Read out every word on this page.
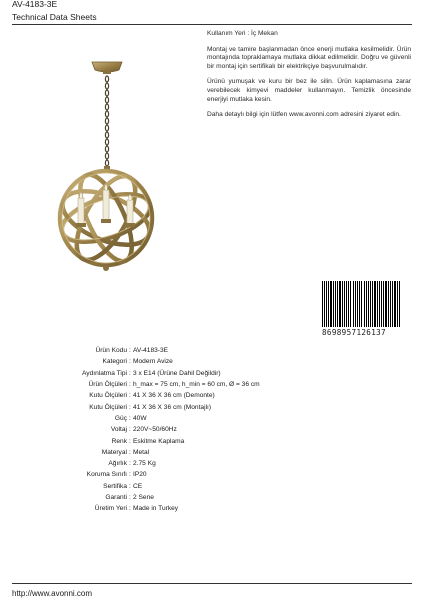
AV-4183-3E
Technical Data Sheets

Kullanım Yeri : İç Mekan

Montaj ve tamire başlanmadan önce enerji mutlaka kesilmelidir. Ürün montajında topraklamaya mutlaka dikkat edilmelidir. Doğru ve güvenli bir montaj için sertifikalı bir elektrikçiye başvurulmalıdır.

Ürünü yumuşak ve kuru bir bez ile silin. Ürün kaplamasına zarar verebilecek kimyevi maddeler kullanmayın. Temizlik öncesinde enerjiyi mutlaka kesin.

Daha detaylı bilgi için lütfen www.avonni.com adresini ziyaret edin.

8698957126137
Ürün Kodu : AV-4183-3E
Kategori : Modern Avize
Aydınlatma Tipi : 3 x E14 (Ürüne Dahil Değildir)
Ürün Ölçüleri : h_max = 75 cm, h_min = 60 cm, Ø = 36 cm
Kutu Ölçüleri : 41 X 36 X 36 cm (Demonte)
Kutu Ölçüleri : 41 X 36 X 36 cm (Montajlı)
Güç : 40W
Voltaj : 220V~50/60Hz
Renk : Eskitme Kaplama
Materyal : Metal
Ağırlık : 2.75 Kg
Koruma Sınıfı : IP20
Sertifika : CE
Garanti : 2 Sene
Üretim Yeri : Made in Turkey
http://www.avonni.com
